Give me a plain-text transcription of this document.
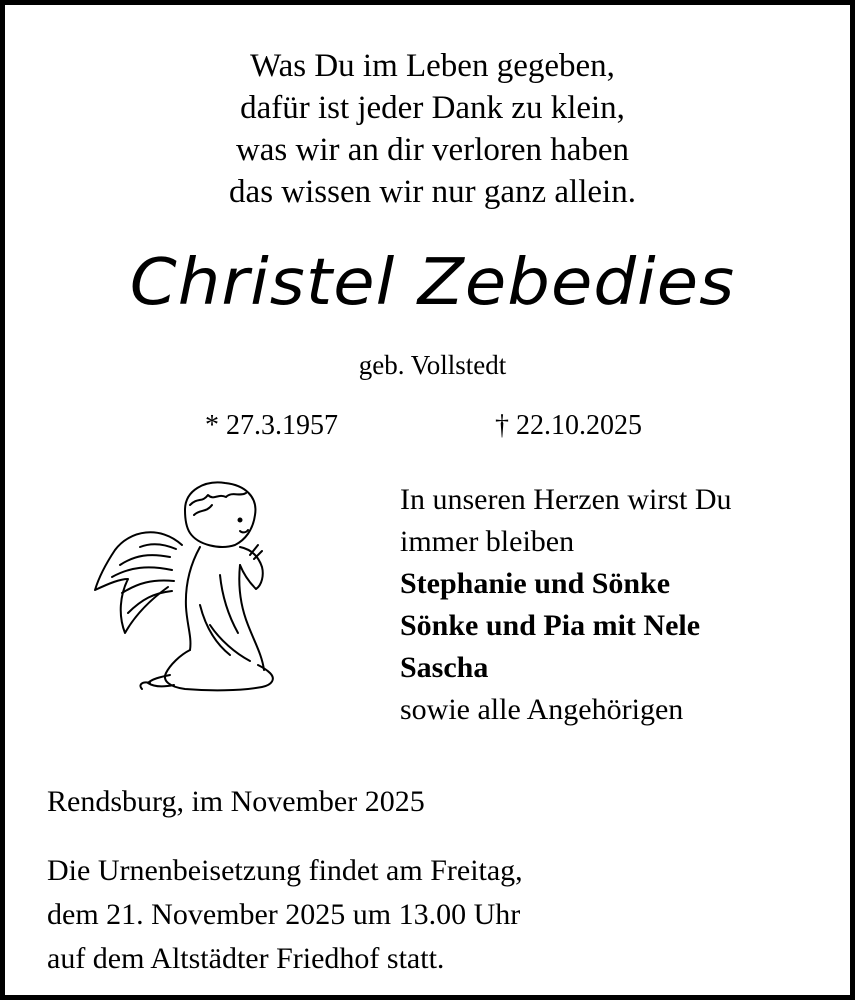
Was Du im Leben gegeben,
dafür ist jeder Dank zu klein,
was wir an dir verloren haben
das wissen wir nur ganz allein.
Christel Zebedies
geb. Vollstedt
* 27.3.1957	† 22.10.2025
In unseren Herzen wirst Du
immer bleiben
Stephanie und Sönke
Sönke und Pia mit Nele
Sascha
sowie alle Angehörigen
Rendsburg, im November 2025
Die Urnenbeisetzung findet am Freitag,
dem 21. November 2025 um 13.00 Uhr
auf dem Altstädter Friedhof statt.
